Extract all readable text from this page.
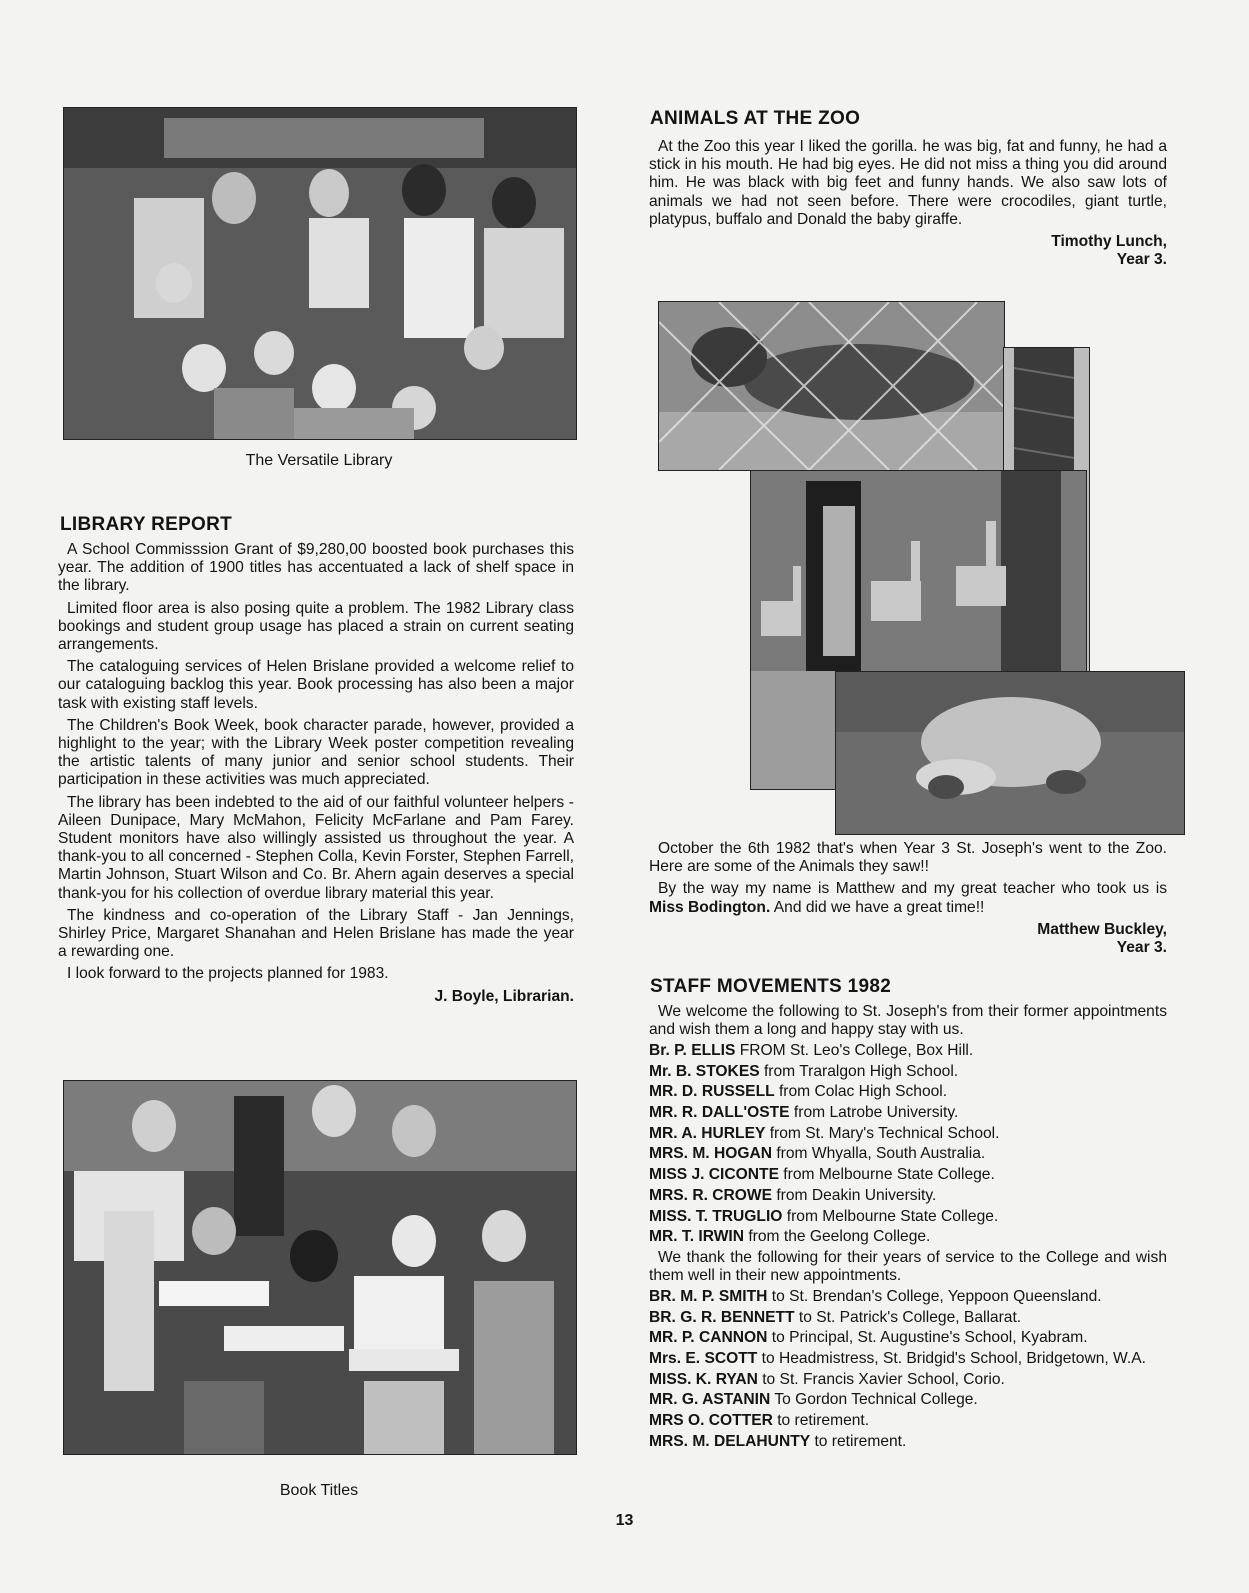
The Versatile Library
LIBRARY REPORT

A School Commisssion Grant of $9,280,00 boosted book purchases this year. The addition of 1900 titles has accentuated a lack of shelf space in the library.

Limited floor area is also posing quite a problem. The 1982 Library class bookings and student group usage has placed a strain on current seating arrangements.

The cataloguing services of Helen Brislane provided a welcome relief to our cataloguing backlog this year. Book processing has also been a major task with existing staff levels.

The Children's Book Week, book character parade, however, provided a highlight to the year; with the Library Week poster competition revealing the artistic talents of many junior and senior school students. Their participation in these activities was much appreciated.

The library has been indebted to the aid of our faithful volunteer helpers - Aileen Dunipace, Mary McMahon, Felicity McFarlane and Pam Farey. Student monitors have also willingly assisted us throughout the year. A thank-you to all concerned - Stephen Colla, Kevin Forster, Stephen Farrell, Martin Johnson, Stuart Wilson and Co. Br. Ahern again deserves a special thank-you for his collection of overdue library material this year.

The kindness and co-operation of the Library Staff - Jan Jennings, Shirley Price, Margaret Shanahan and Helen Brislane has made the year a rewarding one.

I look forward to the projects planned for 1983.

J. Boyle, Librarian.

Book Titles
ANIMALS AT THE ZOO

At the Zoo this year I liked the gorilla. he was big, fat and funny, he had a stick in his mouth. He had big eyes. He did not miss a thing you did around him. He was black with big feet and funny hands. We also saw lots of animals we had not seen before. There were crocodiles, giant turtle, platypus, buffalo and Donald the baby giraffe.

Timothy Lunch,
Year 3.

October the 6th 1982 that's when Year 3 St. Joseph's went to the Zoo. Here are some of the Animals they saw!!

By the way my name is Matthew and my great teacher who took us is Miss Bodington. And did we have a great time!!

Matthew Buckley,
Year 3.

STAFF MOVEMENTS 1982

We welcome the following to St. Joseph's from their former appointments and wish them a long and happy stay with us.

Br. P. ELLIS FROM St. Leo's College, Box Hill.

Mr. B. STOKES from Traralgon High School.

MR. D. RUSSELL from Colac High School.

MR. R. DALL'OSTE from Latrobe University.

MR. A. HURLEY from St. Mary's Technical School.

MRS. M. HOGAN from Whyalla, South Australia.

MISS J. CICONTE from Melbourne State College.

MRS. R. CROWE from Deakin University.

MISS. T. TRUGLIO from Melbourne State College.

MR. T. IRWIN from the Geelong College.

We thank the following for their years of service to the College and wish them well in their new appointments.

BR. M. P. SMITH to St. Brendan's College, Yeppoon Queensland.

BR. G. R. BENNETT to St. Patrick's College, Ballarat.

MR. P. CANNON to Principal, St. Augustine's School, Kyabram.

Mrs. E. SCOTT to Headmistress, St. Bridgid's School, Bridgetown, W.A.

MISS. K. RYAN to St. Francis Xavier School, Corio.

MR. G. ASTANIN To Gordon Technical College.

MRS O. COTTER to retirement.

MRS. M. DELAHUNTY to retirement.

13
